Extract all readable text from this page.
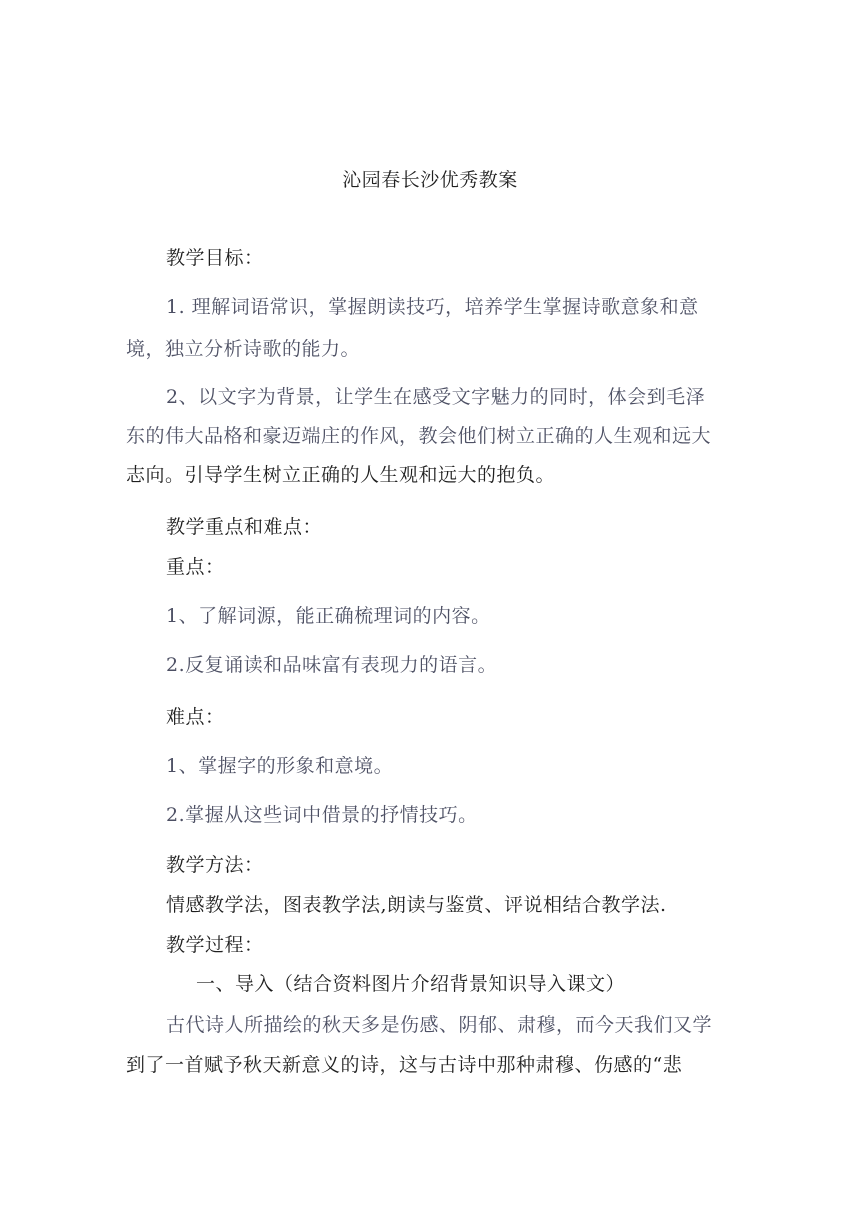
沁园春长沙优秀教案
教学目标：
1. 理解词语常识，掌握朗读技巧，培养学生掌握诗歌意象和意
境，独立分析诗歌的能力。
2、以文字为背景，让学生在感受文字魅力的同时，体会到毛泽
东的伟大品格和豪迈端庄的作风，教会他们树立正确的人生观和远大
志向。引导学生树立正确的人生观和远大的抱负。
教学重点和难点：
重点：
1、了解词源，能正确梳理词的内容。
2.反复诵读和品味富有表现力的语言。
难点：
1、掌握字的形象和意境。
2.掌握从这些词中借景的抒情技巧。
教学方法：
情感教学法，图表教学法,朗读与鉴赏、评说相结合教学法.
教学过程：
一、导入（结合资料图片介绍背景知识导入课文）
古代诗人所描绘的秋天多是伤感、阴郁、肃穆，而今天我们又学
到了一首赋予秋天新意义的诗，这与古诗中那种肃穆、伤感的“悲
